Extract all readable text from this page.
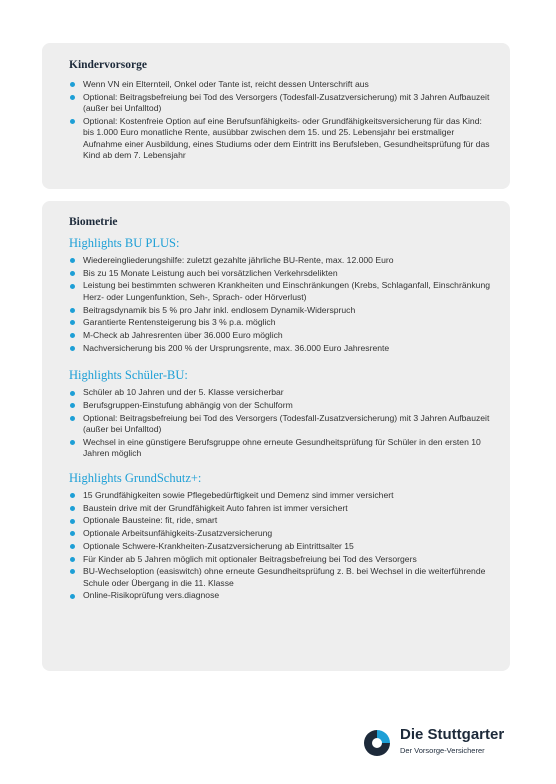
Kindervorsorge
Wenn VN ein Elternteil, Onkel oder Tante ist, reicht dessen Unterschrift aus
Optional: Beitragsbefreiung bei Tod des Versorgers (Todesfall-Zusatzversicherung) mit 3 Jahren Aufbauzeit (außer bei Unfalltod)
Optional: Kostenfreie Option auf eine Berufsunfähigkeits- oder Grundfähigkeitsversicherung für das Kind: bis 1.000 Euro monatliche Rente, ausübbar zwischen dem 15. und 25. Lebensjahr bei erstmaliger Aufnahme einer Ausbildung, eines Studiums oder dem Eintritt ins Berufsleben, Gesundheitsprüfung für das Kind ab dem 7. Lebensjahr
Biometrie
Highlights BU PLUS:
Wiedereingliederungshilfe: zuletzt gezahlte jährliche BU-Rente, max. 12.000 Euro
Bis zu 15 Monate Leistung auch bei vorsätzlichen Verkehrsdelikten
Leistung bei bestimmten schweren Krankheiten und Einschränkungen (Krebs, Schlaganfall, Einschränkung Herz- oder Lungenfunktion, Seh-, Sprach- oder Hörverlust)
Beitragsdynamik bis 5 % pro Jahr inkl. endlosem Dynamik-Widerspruch
Garantierte Rentensteigerung bis 3 % p.a. möglich
M-Check ab Jahresrenten über 36.000 Euro möglich
Nachversicherung bis 200 % der Ursprungsrente, max. 36.000 Euro Jahresrente
Highlights Schüler-BU:
Schüler ab 10 Jahren und der 5. Klasse versicherbar
Berufsgruppen-Einstufung abhängig von der Schulform
Optional: Beitragsbefreiung bei Tod des Versorgers (Todesfall-Zusatzversicherung) mit 3 Jahren Aufbauzeit (außer bei Unfalltod)
Wechsel in eine günstigere Berufsgruppe ohne erneute Gesundheitsprüfung für Schüler in den ersten 10 Jahren möglich
Highlights GrundSchutz+:
15 Grundfähigkeiten sowie Pflegebedürftigkeit und Demenz sind immer versichert
Baustein drive mit der Grundfähigkeit Auto fahren ist immer versichert
Optionale Bausteine: fit, ride, smart
Optionale Arbeitsunfähigkeits-Zusatzversicherung
Optionale Schwere-Krankheiten-Zusatzversicherung ab Eintrittsalter 15
Für Kinder ab 5 Jahren möglich mit optionaler Beitragsbefreiung bei Tod des Versorgers
BU-Wechseloption (easiswitch) ohne erneute Gesundheitsprüfung z. B. bei Wechsel in die weiterführende Schule oder Übergang in die 11. Klasse
Online-Risikoprüfung vers.diagnose
Die Stuttgarter
Der Vorsorge-Versicherer
